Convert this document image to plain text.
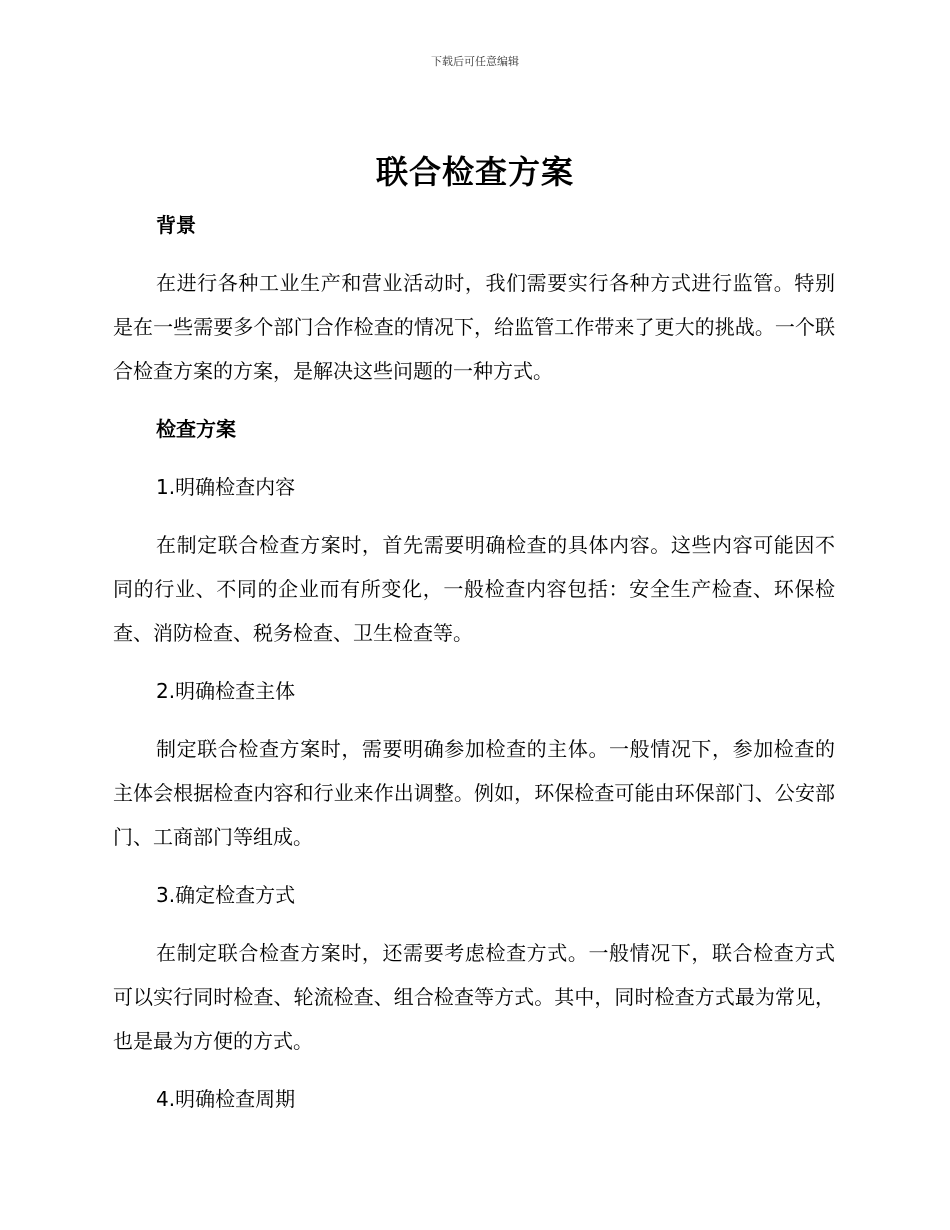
下载后可任意编辑
联合检查方案

背景

在进行各种工业生产和营业活动时，我们需要实行各种方式进行监管。特别是在一些需要多个部门合作检查的情况下，给监管工作带来了更大的挑战。一个联合检查方案的方案，是解决这些问题的一种方式。

检查方案

1.明确检查内容

在制定联合检查方案时，首先需要明确检查的具体内容。这些内容可能因不同的行业、不同的企业而有所变化，一般检查内容包括：安全生产检查、环保检查、消防检查、税务检查、卫生检查等。

2.明确检查主体

制定联合检查方案时，需要明确参加检查的主体。一般情况下，参加检查的主体会根据检查内容和行业来作出调整。例如，环保检查可能由环保部门、公安部门、工商部门等组成。

3.确定检查方式

在制定联合检查方案时，还需要考虑检查方式。一般情况下，联合检查方式可以实行同时检查、轮流检查、组合检查等方式。其中，同时检查方式最为常见，也是最为方便的方式。

4.明确检查周期
